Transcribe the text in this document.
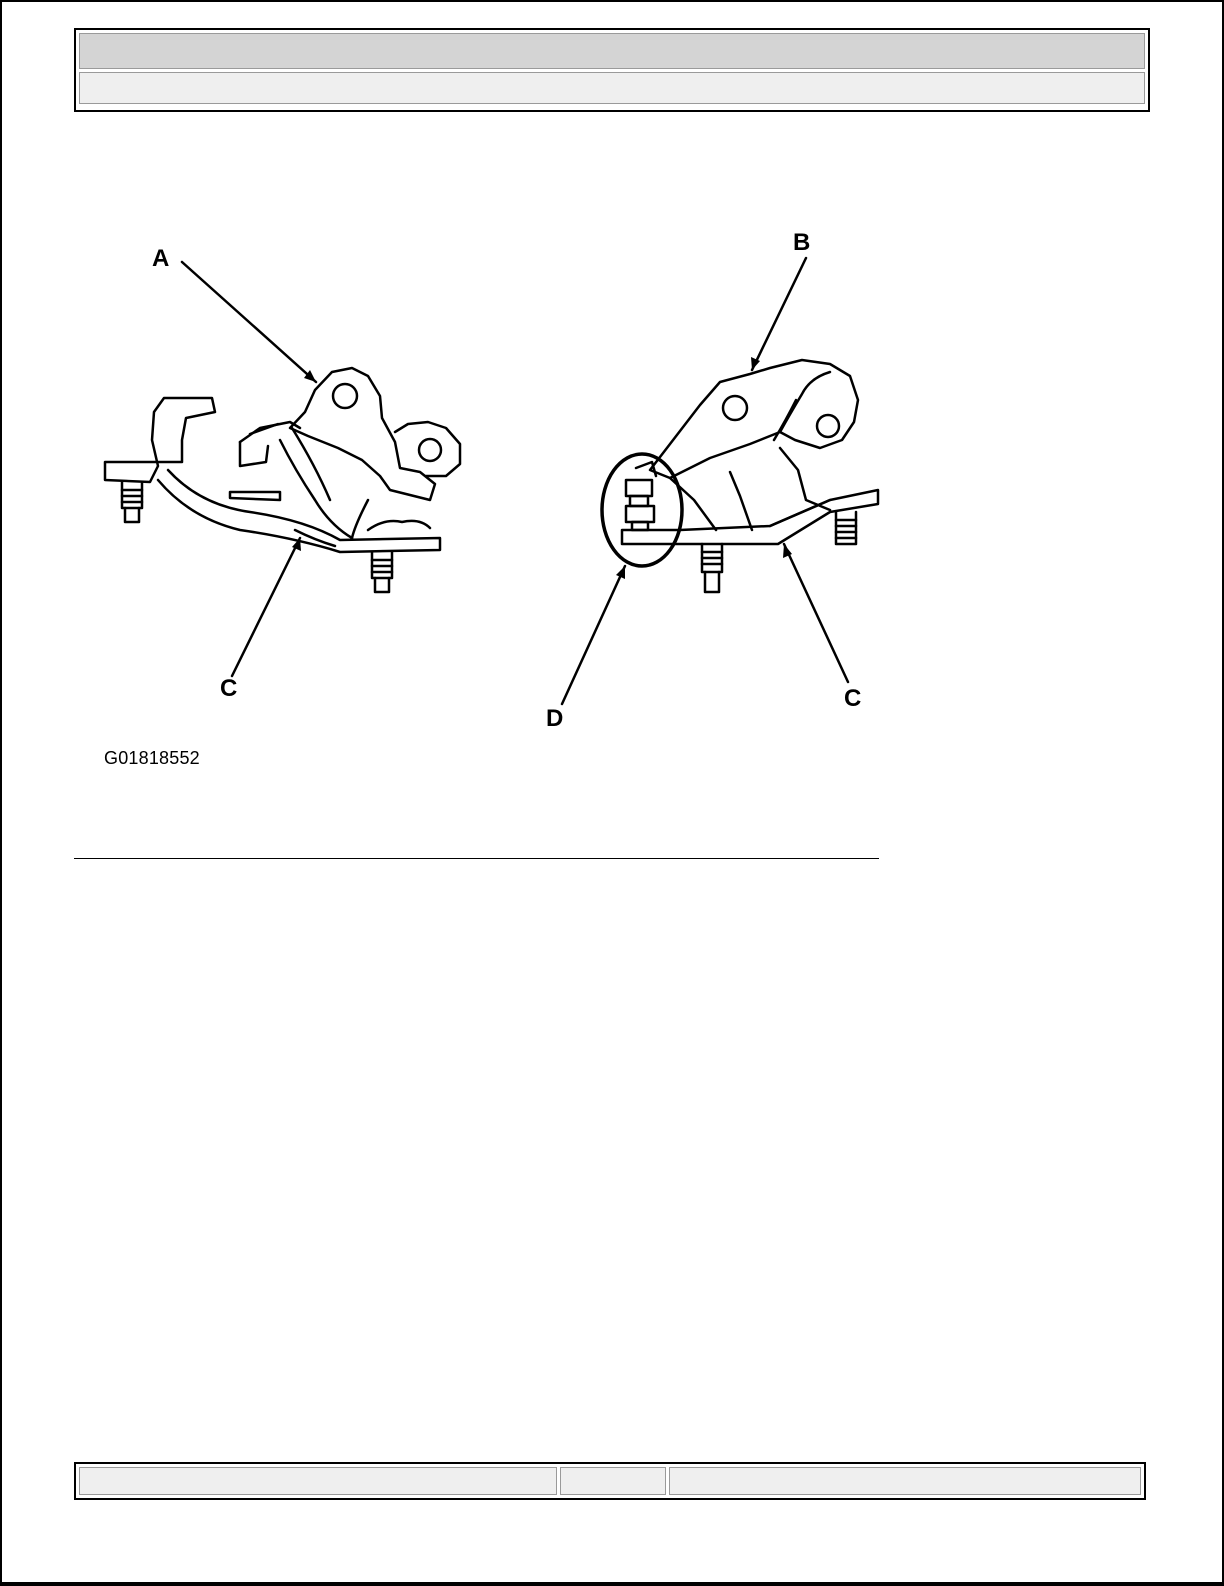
A
B
C
D
C
G01818552
